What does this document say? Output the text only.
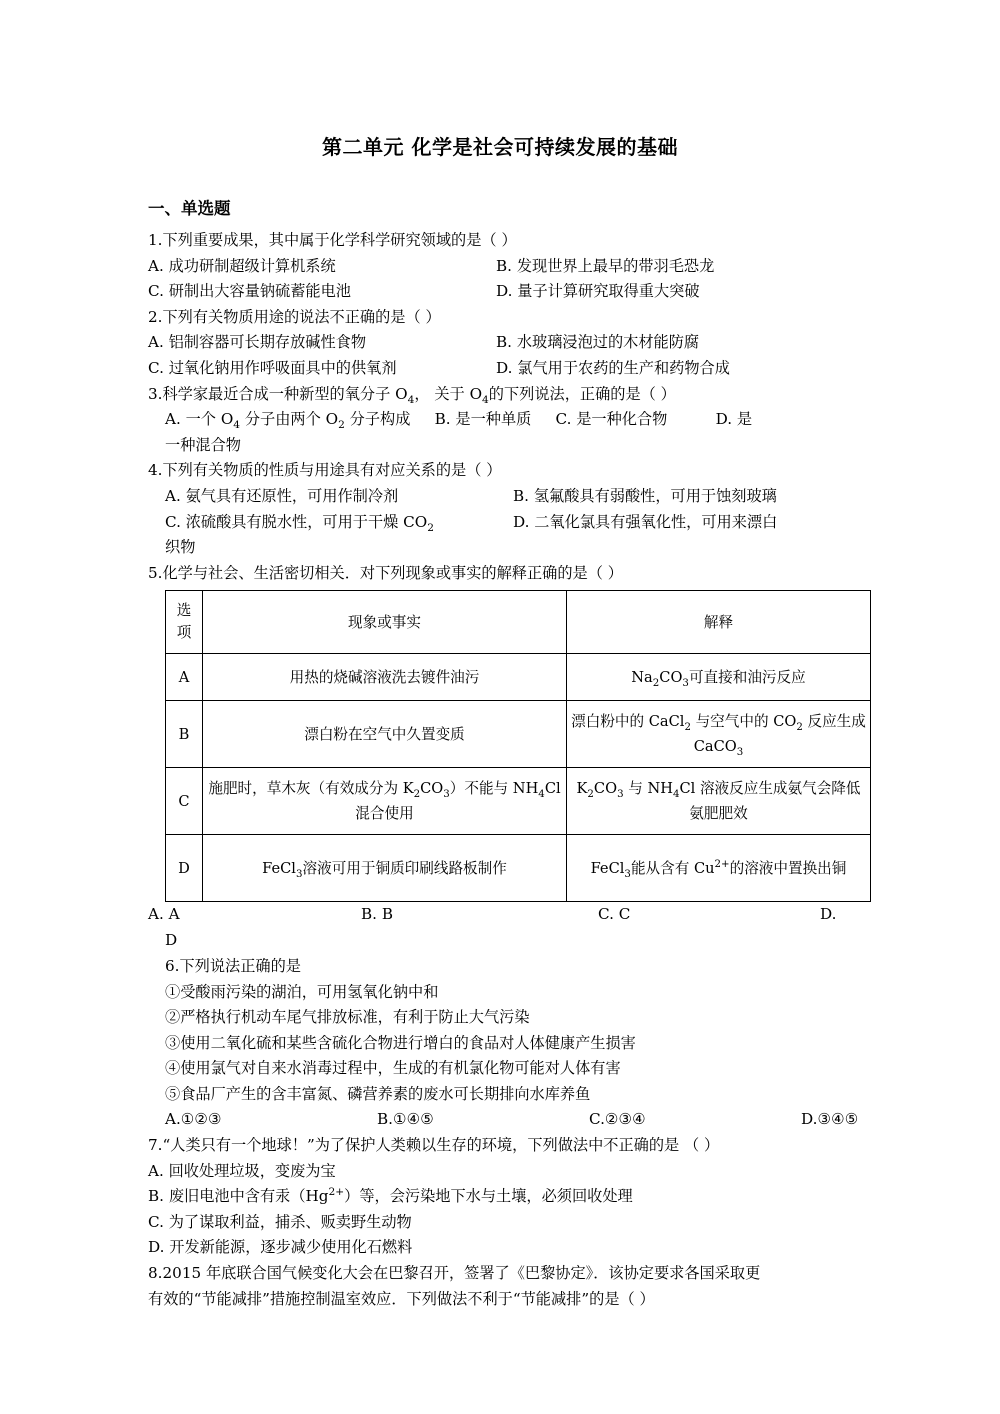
第二单元 化学是社会可持续发展的基础
一、单选题
1.下列重要成果，其中属于化学科学研究领域的是（ ）
A. 成功研制超级计算机系统	B. 发现世界上最早的带羽毛恐龙
C. 研制出大容量钠硫蓄能电池	D. 量子计算研究取得重大突破
2.下列有关物质用途的说法不正确的是（ ）
A. 铝制容器可长期存放碱性食物	B. 水玻璃浸泡过的木材能防腐
C. 过氧化钠用作呼吸面具中的供氧剂	D. 氯气用于农药的生产和药物合成
3.科学家最近合成一种新型的氧分子 $O_4$， 关于 $O_4$的下列说法，正确的是（ ）
A. 一个 $O_4$ 分子由两个 $O_2$ 分子构成 B. 是一种单质 C. 是一种化合物	D. 是
一种混合物
4.下列有关物质的性质与用途具有对应关系的是（ ）
A. 氨气具有还原性，可用作制冷剂	B. 氢氟酸具有弱酸性，可用于蚀刻玻璃
C. 浓硫酸具有脱水性，可用于干燥 $CO_2$	D. 二氧化氯具有强氧化性，可用来漂白
织物
5.化学与社会、生活密切相关．对下列现象或事实的解释正确的是（ ）
选
项	现象或事实	解释
A	用热的烧碱溶液洗去镀件油污	$Na_2CO_3$可直接和油污反应
B	漂白粉在空气中久置变质	漂白粉中的 CaCl$_2$ 与空气中的 $CO_2$ 反应生成 CaCO$_3$
C	施肥时，草木灰（有效成分为 $K_2CO_3$）不能与 $NH_4Cl$ 混合使用	$K_2CO_3$ 与 $NH_4Cl$ 溶液反应生成氨气会降低氨肥肥效
D	FeCl$_3$溶液可用于铜质印刷线路板制作	FeCl$_3$能从含有 $Cu^{2+}$的溶液中置换出铜
A. A	B. B	C. C	D.
D
6.下列说法正确的是
①受酸雨污染的湖泊，可用氢氧化钠中和
②严格执行机动车尾气排放标准，有利于防止大气污染
③使用二氧化硫和某些含硫化合物进行增白的食品对人体健康产生损害
④使用氯气对自来水消毒过程中，生成的有机氯化物可能对人体有害
⑤食品厂产生的含丰富氮、磷营养素的废水可长期排向水库养鱼
A.①②③	B.①④⑤	C.②③④	D.③④⑤
7.“人类只有一个地球！”为了保护人类赖以生存的环境，下列做法中不正确的是 （ ）
A. 回收处理垃圾，变废为宝
B. 废旧电池中含有汞$(Hg^{2+})$等，会污染地下水与土壤，必须回收处理
C. 为了谋取利益，捕杀、贩卖野生动物
D. 开发新能源，逐步减少使用化石燃料
8.2015 年底联合国气候变化大会在巴黎召开，签署了《巴黎协定》．该协定要求各国采取更
有效的“节能减排”措施控制温室效应．下列做法不利于“节能减排”的是（ ）
